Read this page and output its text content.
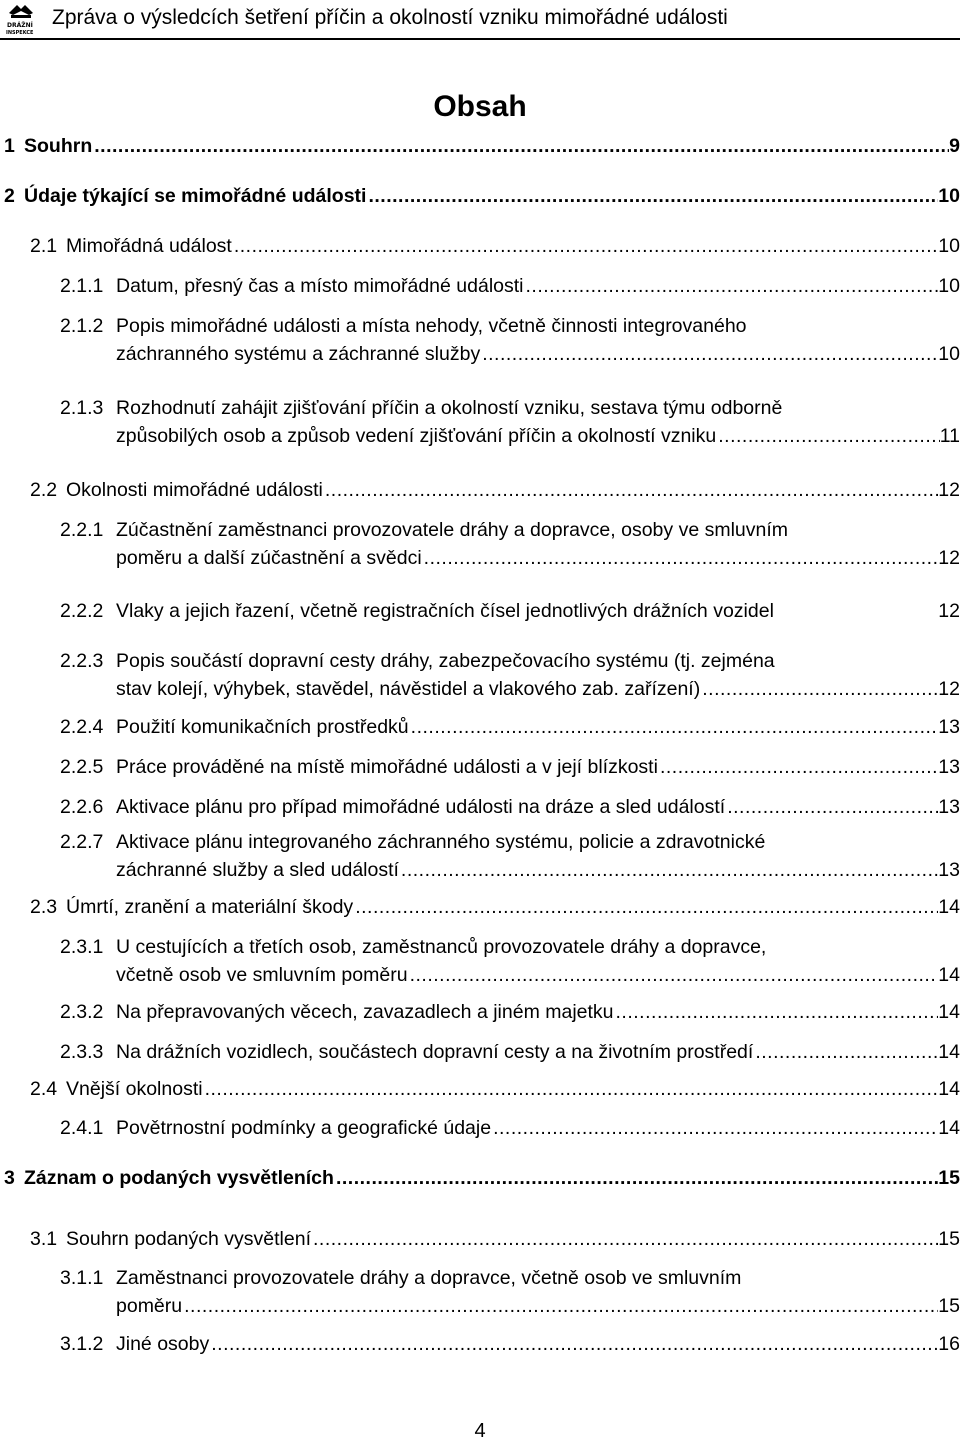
DRÁŽNÍ
INSPEKCE
Zpráva o výsledcích šetření příčin a okolností vzniku mimořádné události
Obsah
1 Souhrn .....	9
2 Údaje týkající se mimořádné události .....	10
2.1 Mimořádná událost .....	10
2.1.1 Datum, přesný čas a místo mimořádné události .....	10
2.1.2 Popis mimořádné události a místa nehody, včetně činnosti integrovaného
záchranného systému a záchranné služby .....	10
2.1.3 Rozhodnutí zahájit zjišťování příčin a okolností vzniku, sestava týmu odborně
způsobilých osob a způsob vedení zjišťování příčin a okolností vzniku .....	11
2.2 Okolnosti mimořádné události .....	12
2.2.1 Zúčastnění zaměstnanci provozovatele dráhy a dopravce, osoby ve smluvním
poměru a další zúčastnění a svědci .....	12
2.2.2 Vlaky a jejich řazení, včetně registračních čísel jednotlivých drážních vozidel	12
2.2.3 Popis součástí dopravní cesty dráhy, zabezpečovacího systému (tj. zejména
stav kolejí, výhybek, stavědel, návěstidel a vlakového zab. zařízení) .....	12
2.2.4 Použití komunikačních prostředků .....	13
2.2.5 Práce prováděné na místě mimořádné události a v její blízkosti .....	13
2.2.6 Aktivace plánu pro případ mimořádné události na dráze a sled událostí .....	13
2.2.7 Aktivace plánu integrovaného záchranného systému, policie a zdravotnické
záchranné služby a sled událostí .....	13
2.3 Úmrtí, zranění a materiální škody .....	14
2.3.1 U cestujících a třetích osob, zaměstnanců provozovatele dráhy a dopravce,
včetně osob ve smluvním poměru .....	14
2.3.2 Na přepravovaných věcech, zavazadlech a jiném majetku .....	14
2.3.3 Na drážních vozidlech, součástech dopravní cesty a na životním prostředí .....	14
2.4 Vnější okolnosti .....	14
2.4.1 Povětrnostní podmínky a geografické údaje .....	14
3 Záznam o podaných vysvětleních .....	15
3.1 Souhrn podaných vysvětlení .....	15
3.1.1 Zaměstnanci provozovatele dráhy a dopravce, včetně osob ve smluvním
poměru .....	15
3.1.2 Jiné osoby .....	16
4
